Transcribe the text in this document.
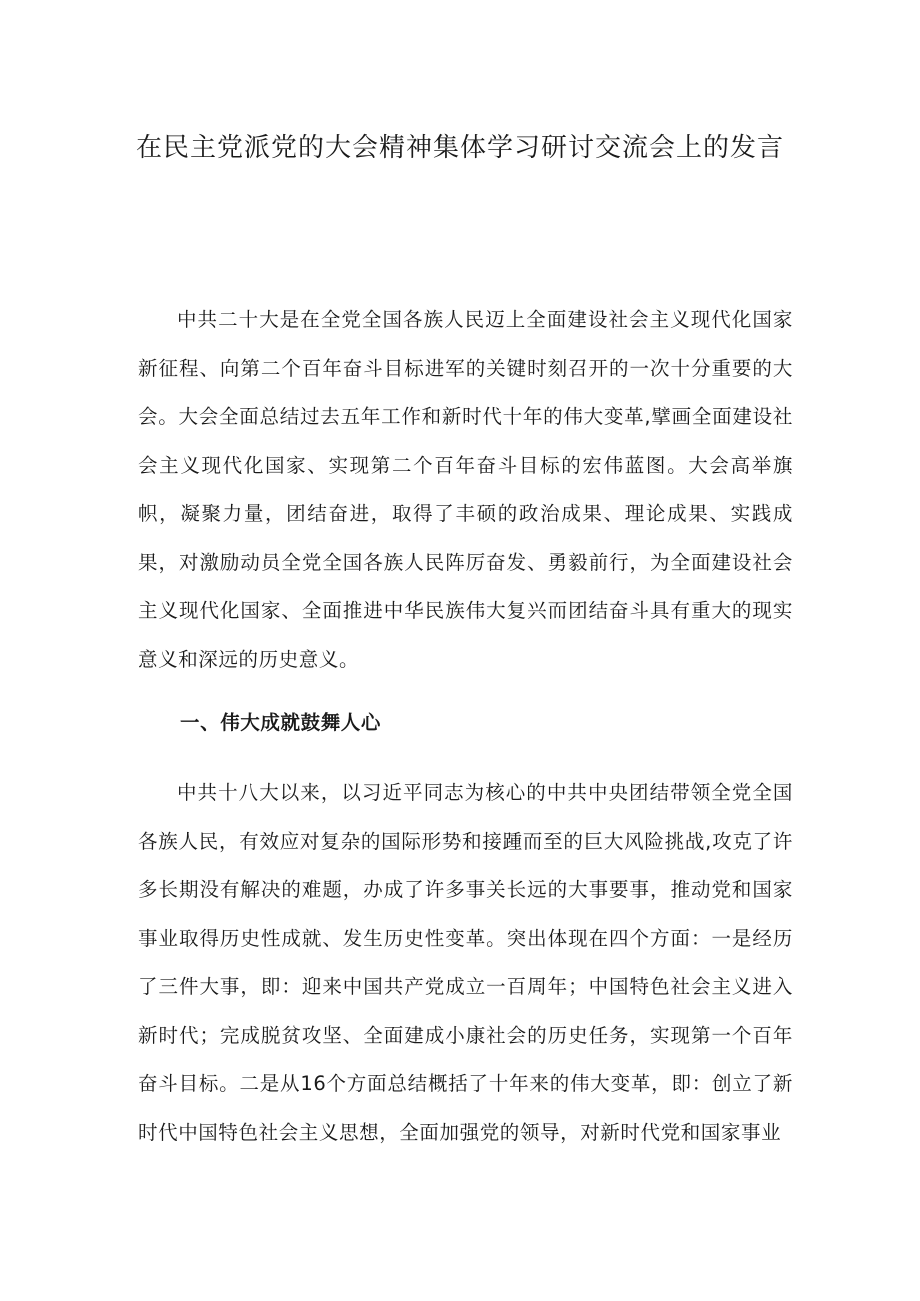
在民主党派党的大会精神集体学习研讨交流会上的发言

中共二十大是在全党全国各族人民迈上全面建设社会主义现代化国家新征程、向第二个百年奋斗目标进军的关键时刻召开的一次十分重要的大会。大会全面总结过去五年工作和新时代十年的伟大变革,擘画全面建设社会主义现代化国家、实现第二个百年奋斗目标的宏伟蓝图。大会高举旗帜，凝聚力量，团结奋进，取得了丰硕的政治成果、理论成果、实践成果，对激励动员全党全国各族人民阵厉奋发、勇毅前行，为全面建设社会主义现代化国家、全面推进中华民族伟大复兴而团结奋斗具有重大的现实意义和深远的历史意义。

一、伟大成就鼓舞人心

中共十八大以来，以习近平同志为核心的中共中央团结带领全党全国各族人民，有效应对复杂的国际形势和接踵而至的巨大风险挑战,攻克了许多长期没有解决的难题，办成了许多事关长远的大事要事，推动党和国家事业取得历史性成就、发生历史性变革。突出体现在四个方面：一是经历了三件大事，即：迎来中国共产党成立一百周年；中国特色社会主义进入新时代；完成脱贫攻坚、全面建成小康社会的历史任务，实现第一个百年奋斗目标。二是从16个方面总结概括了十年来的伟大变革，即：创立了新时代中国特色社会主义思想，全面加强党的领导，对新时代党和国家事业
